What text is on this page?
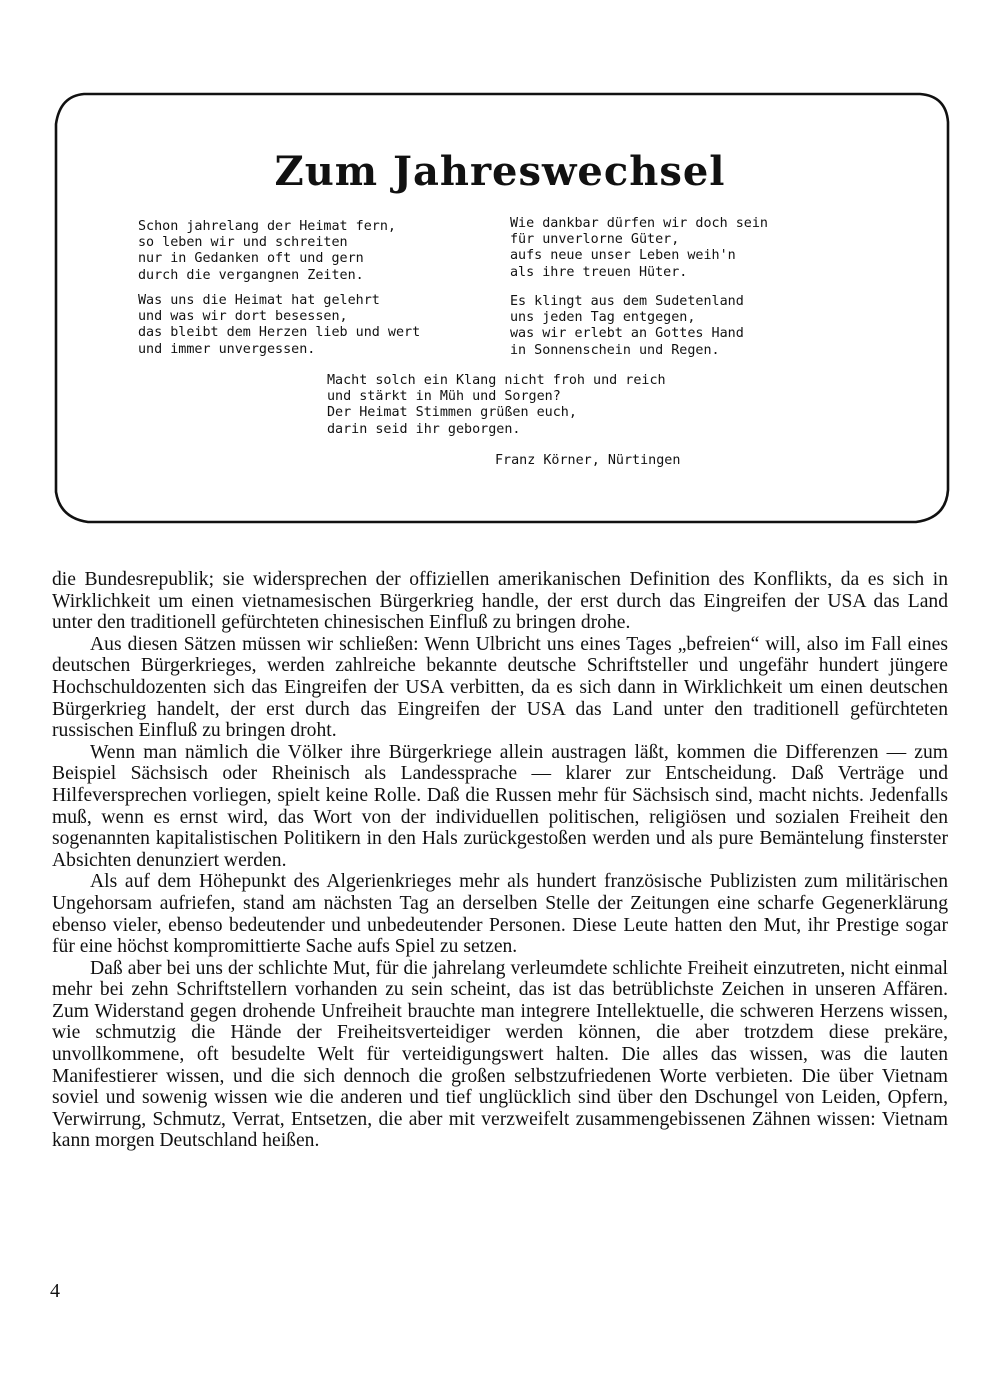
Zum Jahreswechsel
Schon jahrelang der Heimat fern,
so leben wir und schreiten
nur in Gedanken oft und gern
durch die vergangnen Zeiten.
Wie dankbar dürfen wir doch sein
für unverlorne Güter,
aufs neue unser Leben weih'n
als ihre treuen Hüter.
Was uns die Heimat hat gelehrt
und was wir dort besessen,
das bleibt dem Herzen lieb und wert
und immer unvergessen.
Es klingt aus dem Sudetenland
uns jeden Tag entgegen,
was wir erlebt an Gottes Hand
in Sonnenschein und Regen.
Macht solch ein Klang nicht froh und reich
und stärkt in Müh und Sorgen?
Der Heimat Stimmen grüßen euch,
darin seid ihr geborgen.
Franz Körner, Nürtingen

die Bundesrepublik; sie widersprechen der offiziellen amerikanischen Definition des Konflikts, da es sich in Wirklichkeit um einen vietnamesischen Bürgerkrieg handle, der erst durch das Eingreifen der USA das Land unter den traditionell gefürchteten chinesischen Einfluß zu bringen drohe.

Aus diesen Sätzen müssen wir schließen: Wenn Ulbricht uns eines Tages „befreien“ will, also im Fall eines deutschen Bürgerkrieges, werden zahlreiche bekannte deutsche Schriftsteller und ungefähr hundert jüngere Hochschuldozenten sich das Eingreifen der USA verbitten, da es sich dann in Wirklichkeit um einen deutschen Bürgerkrieg handelt, der erst durch das Eingreifen der USA das Land unter den traditionell gefürchteten russischen Einfluß zu bringen droht.

Wenn man nämlich die Völker ihre Bürgerkriege allein austragen läßt, kommen die Differenzen — zum Beispiel Sächsisch oder Rheinisch als Landessprache — klarer zur Entscheidung. Daß Verträge und Hilfeversprechen vorliegen, spielt keine Rolle. Daß die Russen mehr für Sächsisch sind, macht nichts. Jedenfalls muß, wenn es ernst wird, das Wort von der individuellen politischen, religiösen und sozialen Freiheit den sogenannten kapitalistischen Politikern in den Hals zurückgestoßen werden und als pure Bemäntelung finsterster Absichten denunziert werden.

Als auf dem Höhepunkt des Algerienkrieges mehr als hundert französische Publizisten zum militärischen Ungehorsam aufriefen, stand am nächsten Tag an derselben Stelle der Zeitungen eine scharfe Gegenerklärung ebenso vieler, ebenso bedeutender und unbedeutender Personen. Diese Leute hatten den Mut, ihr Prestige sogar für eine höchst kompromittierte Sache aufs Spiel zu setzen.

Daß aber bei uns der schlichte Mut, für die jahrelang verleumdete schlichte Freiheit einzutreten, nicht einmal mehr bei zehn Schriftstellern vorhanden zu sein scheint, das ist das betrüblichste Zeichen in unseren Affären. Zum Widerstand gegen drohende Unfreiheit brauchte man integrere Intellektuelle, die schweren Herzens wissen, wie schmutzig die Hände der Freiheitsverteidiger werden können, die aber trotzdem diese prekäre, unvollkommene, oft besudelte Welt für verteidigungswert halten. Die alles das wissen, was die lauten Manifestierer wissen, und die sich dennoch die großen selbstzufriedenen Worte verbieten. Die über Vietnam soviel und sowenig wissen wie die anderen und tief unglücklich sind über den Dschungel von Leiden, Opfern, Verwirrung, Schmutz, Verrat, Entsetzen, die aber mit verzweifelt zusammengebissenen Zähnen wissen: Vietnam kann morgen Deutschland heißen.

4
